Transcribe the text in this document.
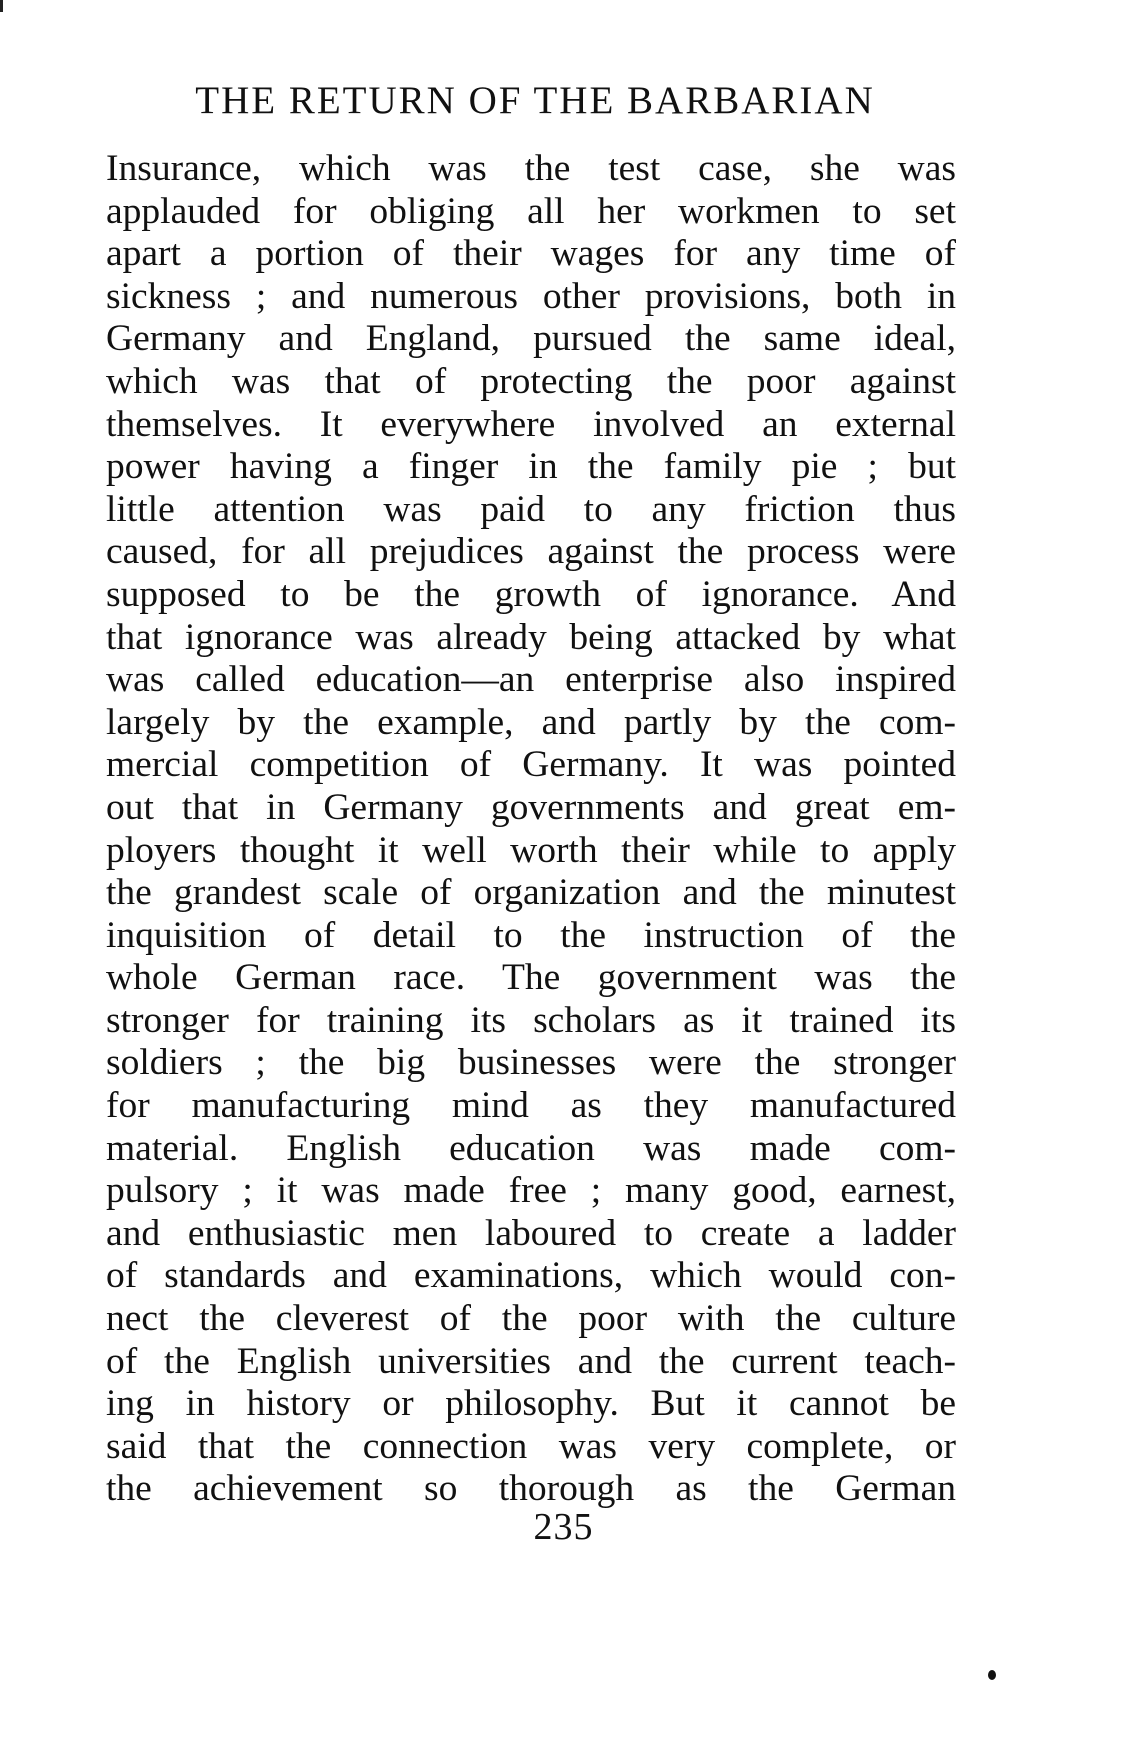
THE RETURN OF THE BARBARIAN
Insurance, which was the test case, she was
applauded for obliging all her workmen to set
apart a portion of their wages for any time of
sickness ; and numerous other provisions, both in
Germany and England, pursued the same ideal,
which was that of protecting the poor against
themselves. It everywhere involved an external
power having a finger in the family pie ; but
little attention was paid to any friction thus
caused, for all prejudices against the process were
supposed to be the growth of ignorance. And
that ignorance was already being attacked by what
was called education—an enterprise also inspired
largely by the example, and partly by the com-
mercial competition of Germany. It was pointed
out that in Germany governments and great em-
ployers thought it well worth their while to apply
the grandest scale of organization and the minutest
inquisition of detail to the instruction of the
whole German race. The government was the
stronger for training its scholars as it trained its
soldiers ; the big businesses were the stronger
for manufacturing mind as they manufactured
material. English education was made com-
pulsory ; it was made free ; many good, earnest,
and enthusiastic men laboured to create a ladder
of standards and examinations, which would con-
nect the cleverest of the poor with the culture
of the English universities and the current teach-
ing in history or philosophy. But it cannot be
said that the connection was very complete, or
the achievement so thorough as the German
235
